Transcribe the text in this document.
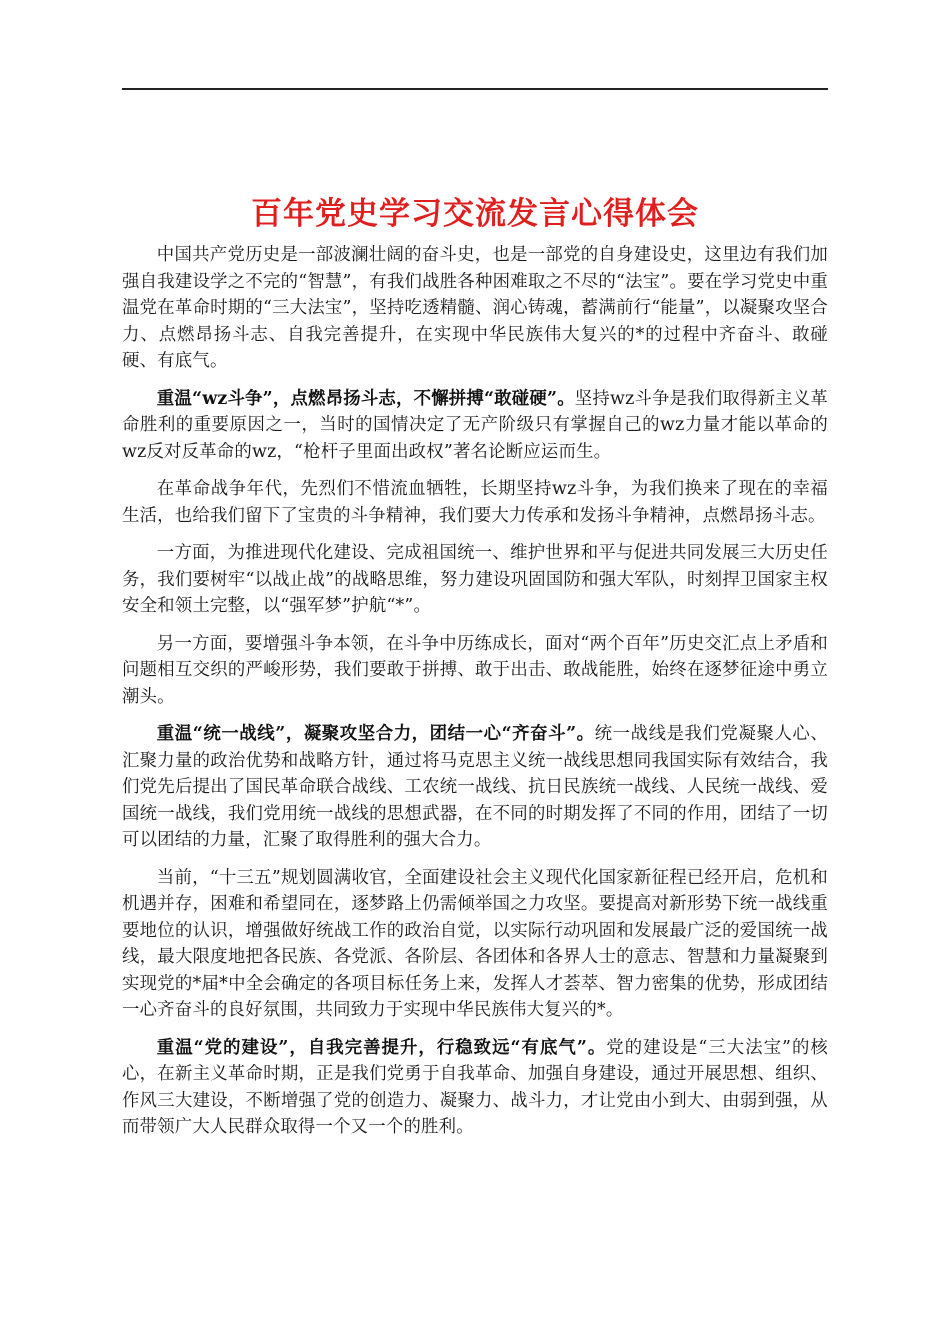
百年党史学习交流发言心得体会

中国共产党历史是一部波澜壮阔的奋斗史，也是一部党的自身建设史，这里边有我们加强自我建设学之不完的“智慧”，有我们战胜各种困难取之不尽的“法宝”。要在学习党史中重温党在革命时期的“三大法宝”，坚持吃透精髓、润心铸魂，蓄满前行“能量”，以凝聚攻坚合力、点燃昂扬斗志、自我完善提升，在实现中华民族伟大复兴的*的过程中齐奋斗、敢碰硬、有底气。

重温“wz斗争”，点燃昂扬斗志，不懈拼搏“敢碰硬”。坚持wz斗争是我们取得新主义革命胜利的重要原因之一，当时的国情决定了无产阶级只有掌握自己的wz力量才能以革命的wz反对反革命的wz，“枪杆子里面出政权”著名论断应运而生。

在革命战争年代，先烈们不惜流血牺牲，长期坚持wz斗争，为我们换来了现在的幸福生活，也给我们留下了宝贵的斗争精神，我们要大力传承和发扬斗争精神，点燃昂扬斗志。

一方面，为推进现代化建设、完成祖国统一、维护世界和平与促进共同发展三大历史任务，我们要树牢“以战止战”的战略思维，努力建设巩固国防和强大军队，时刻捍卫国家主权安全和领土完整，以“强军梦”护航“*”。

另一方面，要增强斗争本领，在斗争中历练成长，面对“两个百年”历史交汇点上矛盾和问题相互交织的严峻形势，我们要敢于拼搏、敢于出击、敢战能胜，始终在逐梦征途中勇立潮头。

重温“统一战线”，凝聚攻坚合力，团结一心“齐奋斗”。统一战线是我们党凝聚人心、汇聚力量的政治优势和战略方针，通过将马克思主义统一战线思想同我国实际有效结合，我们党先后提出了国民革命联合战线、工农统一战线、抗日民族统一战线、人民统一战线、爱国统一战线，我们党用统一战线的思想武器，在不同的时期发挥了不同的作用，团结了一切可以团结的力量，汇聚了取得胜利的强大合力。

当前，“十三五”规划圆满收官，全面建设社会主义现代化国家新征程已经开启，危机和机遇并存，困难和希望同在，逐梦路上仍需倾举国之力攻坚。要提高对新形势下统一战线重要地位的认识，增强做好统战工作的政治自觉，以实际行动巩固和发展最广泛的爱国统一战线，最大限度地把各民族、各党派、各阶层、各团体和各界人士的意志、智慧和力量凝聚到实现党的*届*中全会确定的各项目标任务上来，发挥人才荟萃、智力密集的优势，形成团结一心齐奋斗的良好氛围，共同致力于实现中华民族伟大复兴的*。

重温“党的建设”，自我完善提升，行稳致远“有底气”。党的建设是“三大法宝”的核心，在新主义革命时期，正是我们党勇于自我革命、加强自身建设，通过开展思想、组织、作风三大建设，不断增强了党的创造力、凝聚力、战斗力，才让党由小到大、由弱到强，从而带领广大人民群众取得一个又一个的胜利。
